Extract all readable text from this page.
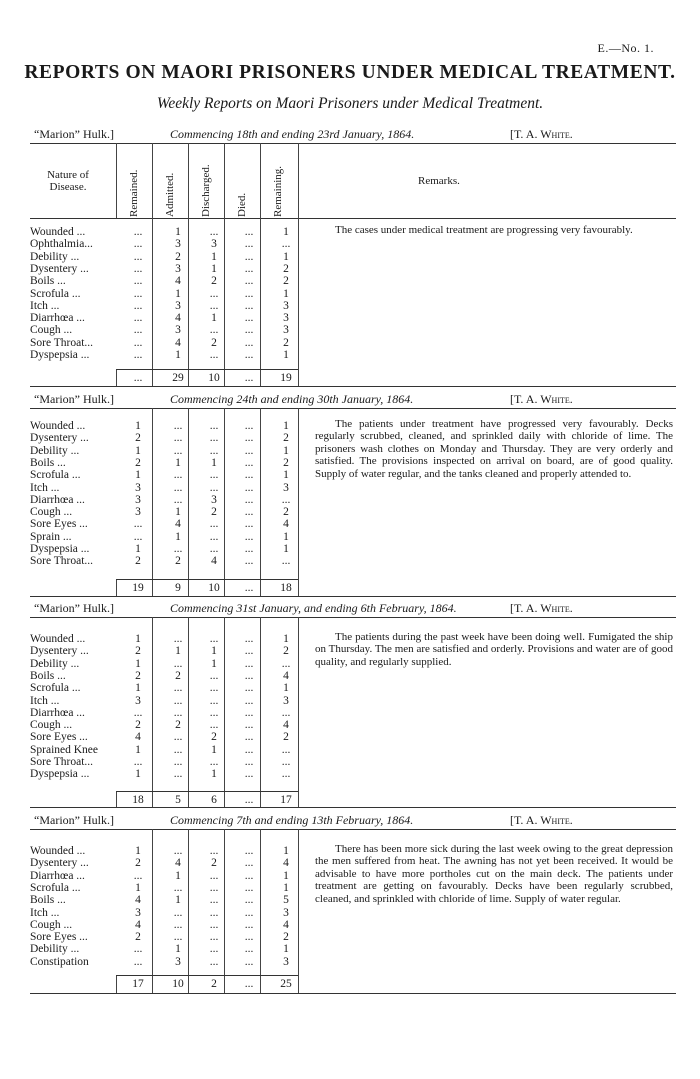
E.—No. 1.
REPORTS ON MAORI PRISONERS UNDER MEDICAL TREATMENT.
Weekly Reports on Maori Prisoners under Medical Treatment.
“Marion” Hulk.]	Commencing 18th and ending 23rd January, 1864.	[T. A. White.
Nature of Disease.	Remained. Admitted. Discharged. Died. Remaining.	Remarks.
Wounded ...	...	1	...	...	1
Ophthalmia...	...	3	3	...	...
Debility ...	...	2	1	...	1
Dysentery ...	...	3	1	...	2
Boils ...	...	4	2	...	2
Scrofula ...	...	1	...	...	1
Itch ...	...	3	...	...	3
Diarrhœa ...	...	4	1	...	3
Cough ...	...	3	...	...	3
Sore Throat...	...	4	2	...	2
Dyspepsia ...	...	1	...	...	1
...	29	10	...	19

The cases under medical treatment are progressing very favourably.

“Marion” Hulk.]	Commencing 24th and ending 30th January, 1864.	[T. A. White.
Wounded ...	1	...	...	...	1
Dysentery ...	2	...	...	...	2
Debility ...	1	...	...	...	1
Boils ...	2	1	1	...	2
Scrofula ...	1	...	...	...	1
Itch ...	3	...	...	...	3
Diarrhœa ...	3	...	3	...	...
Cough ...	3	1	2	...	2
Sore Eyes ...	...	4	...	...	4
Sprain ...	...	1	...	...	1
Dyspepsia ...	1	...	...	...	1
Sore Throat...	2	2	4	...	...
19	9	10	...	18

The patients under treatment have progressed very favourably. Decks regularly scrubbed, cleaned, and sprinkled daily with chloride of lime. The prisoners wash clothes on Monday and Thursday. They are very orderly and satisfied. The provisions inspected on arrival on board, are of good quality. Supply of water regular, and the tanks cleaned and properly attended to.

“Marion” Hulk.]	Commencing 31st January, and ending 6th February, 1864.	[T. A. White.
Wounded ...	1	...	...	...	1
Dysentery ...	2	1	1	...	2
Debility ...	1	...	1	...	...
Boils ...	2	2	...	...	4
Scrofula ...	1	...	...	...	1
Itch ...	3	...	...	...	3
Diarrhœa ...	...	...	...	...	...
Cough ...	2	2	...	...	4
Sore Eyes ...	4	...	2	...	2
Sprained Knee	1	...	1	...	...
Sore Throat...	...	...	...	...	...
Dyspepsia ...	1	...	1	...	...
18	5	6	...	17

The patients during the past week have been doing well. Fumigated the ship on Thursday. The men are satisfied and orderly. Provisions and water are of good quality, and regularly supplied.

“Marion” Hulk.]	Commencing 7th and ending 13th February, 1864.	[T. A. White.
Wounded ...	1	...	...	...	1
Dysentery ...	2	4	2	...	4
Diarrhœa ...	...	1	...	...	1
Scrofula ...	1	...	...	...	1
Boils ...	4	1	...	...	5
Itch ...	3	...	...	...	3
Cough ...	4	...	...	...	4
Sore Eyes ...	2	...	...	...	2
Debility ...	...	1	...	...	1
Constipation	...	3	...	...	3
17	10	2	...	25

There has been more sick during the last week owing to the great depression the men suffered from heat. The awning has not yet been received. It would be advisable to have more portholes cut on the main deck. The patients under treatment are getting on favourably. Decks have been regularly scrubbed, cleaned, and sprinkled with chloride of lime. Supply of water regular.
